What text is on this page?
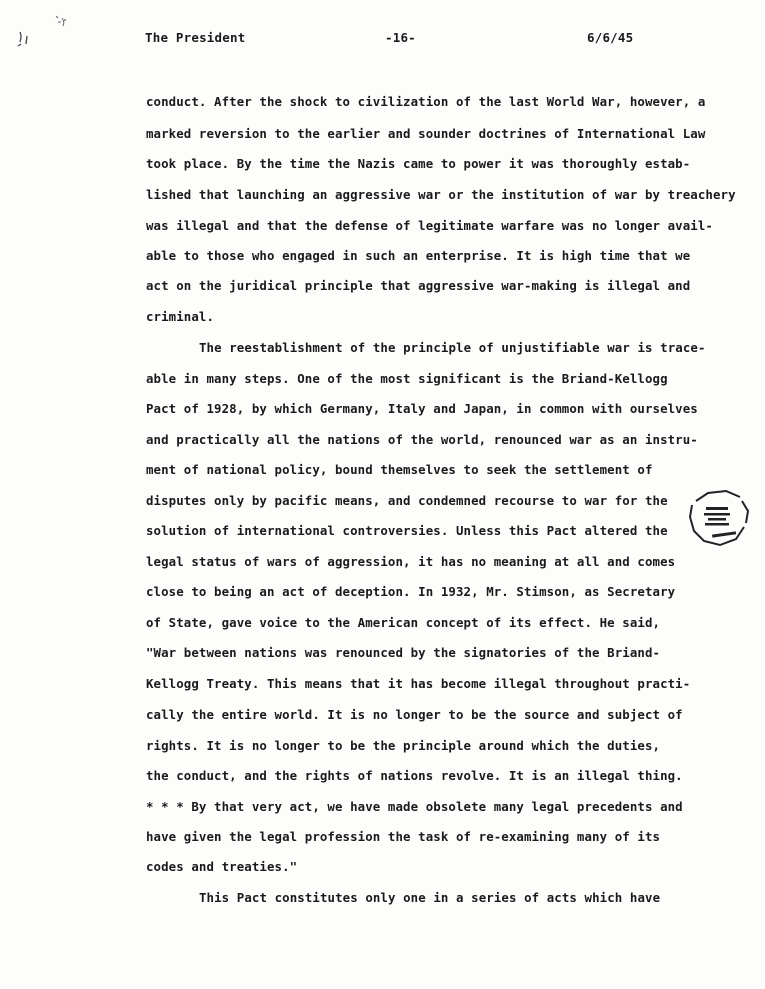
The President	-16-	6/6/45
conduct. After the shock to civilization of the last World War, however, a
marked reversion to the earlier and sounder doctrines of International Law
took place. By the time the Nazis came to power it was thoroughly estab-
lished that launching an aggressive war or the institution of war by treachery
was illegal and that the defense of legitimate warfare was no longer avail-
able to those who engaged in such an enterprise. It is high time that we
act on the juridical principle that aggressive war-making is illegal and
criminal.
The reestablishment of the principle of unjustifiable war is trace-
able in many steps. One of the most significant is the Briand-Kellogg
Pact of 1928, by which Germany, Italy and Japan, in common with ourselves
and practically all the nations of the world, renounced war as an instru-
ment of national policy, bound themselves to seek the settlement of
disputes only by pacific means, and condemned recourse to war for the
solution of international controversies. Unless this Pact altered the
legal status of wars of aggression, it has no meaning at all and comes
close to being an act of deception. In 1932, Mr. Stimson, as Secretary
of State, gave voice to the American concept of its effect. He said,
"War between nations was renounced by the signatories of the Briand-
Kellogg Treaty. This means that it has become illegal throughout practi-
cally the entire world. It is no longer to be the source and subject of
rights. It is no longer to be the principle around which the duties,
the conduct, and the rights of nations revolve. It is an illegal thing.
* * * By that very act, we have made obsolete many legal precedents and
have given the legal profession the task of re-examining many of its
codes and treaties."
This Pact constitutes only one in a series of acts which have
